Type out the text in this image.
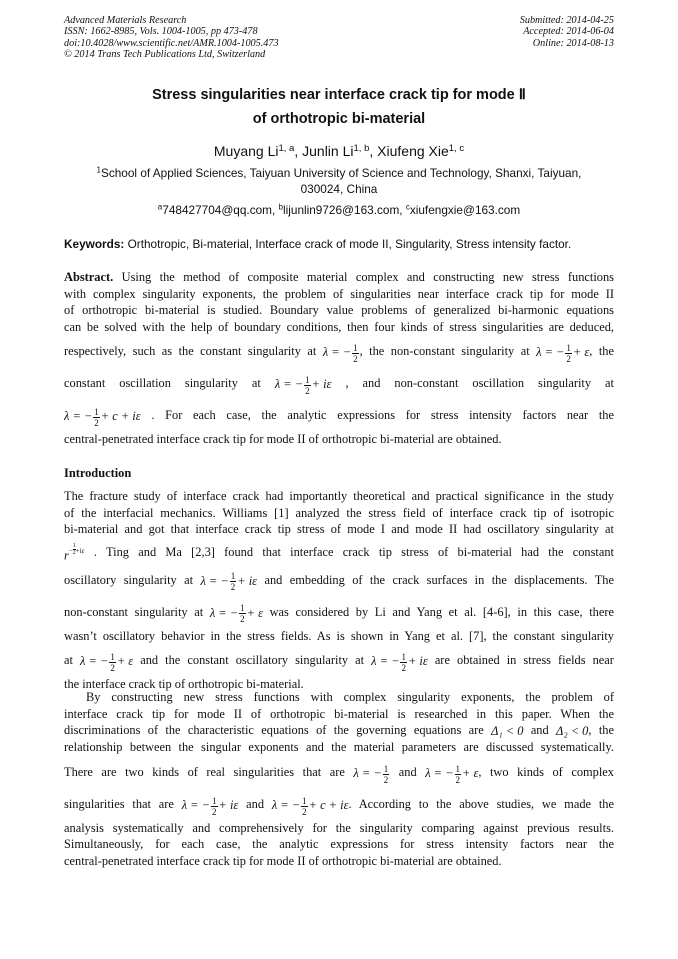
Advanced Materials Research
ISSN: 1662-8985, Vols. 1004-1005, pp 473-478
doi:10.4028/www.scientific.net/AMR.1004-1005.473
© 2014 Trans Tech Publications Ltd, Switzerland
Submitted: 2014-04-25
Accepted: 2014-06-04
Online: 2014-08-13
Stress singularities near interface crack tip for mode Ⅱ
of orthotropic bi-material
Muyang Li$^{1, a}$, Junlin Li$^{1, b}$, Xiufeng Xie$^{1, c}$
$^1$School of Applied Sciences, Taiyuan University of Science and Technology, Shanxi, Taiyuan,
030024, China
$^a$748427704@qq.com, $^b$lijunlin9726@163.com, $^c$xiufengxie@163.com
Keywords: Orthotropic, Bi-material, Interface crack of mode II, Singularity, Stress intensity factor.
Abstract. Using the method of composite material complex and constructing new stress functions
with complex singularity exponents, the problem of singularities near interface crack tip for mode II
of orthotropic bi-material is studied. Boundary value problems of generalized bi-harmonic equations
can be solved with the help of boundary conditions, then four kinds of stress singularities are deduced,
respectively, such as the constant singularity at λ = − $\frac{1}{2}$ , the non-constant singularity at λ = − $\frac{1}{2} + \varepsilon$, the
constant oscillation singularity at λ = − $\frac{1}{2} + i\varepsilon$ , and non-constant oscillation singularity at
λ = − $\frac{1}{2} + c + i\varepsilon$ . For each case, the analytic expressions for stress intensity factors near the
central-penetrated interface crack tip for mode II of orthotropic bi-material are obtained.
Introduction
The fracture study of interface crack had importantly theoretical and practical significance in the study
of the interfacial mechanics. Williams [1] analyzed the stress field of interface crack tip of isotropic
bi-material and got that interface crack tip stress of mode I and mode II had oscillatory singularity at
$r^{- \frac{1}{2} +i\varepsilon}$ . Ting and Ma [2,3] found that interface crack tip stress of bi-material had the constant
oscillatory singularity at λ = − $\frac{1}{2} + i\varepsilon$ and embedding of the crack surfaces in the displacements. The
non-constant singularity at λ = − $\frac{1}{2} + \varepsilon$ was considered by Li and Yang et al. [4-6], in this case, there
wasn’t oscillatory behavior in the stress fields. As is shown in Yang et al. [7], the constant singularity
at λ = − $\frac{1}{2} + \varepsilon$ and the constant oscillatory singularity at λ = − $\frac{1}{2} + i\varepsilon$ are obtained in stress fields near
the interface crack tip of orthotropic bi-material.
By constructing new stress functions with complex singularity exponents, the problem of
interface crack tip for mode II of orthotropic bi-material is researched in this paper. When the
discriminations of the characteristic equations of the governing equations are Δ₁ < 0 and Δ₂ < 0, the
relationship between the singular exponents and the material parameters are discussed systematically.
There are two kinds of real singularities that are λ = − $\frac{1}{2}$ and λ = − $\frac{1}{2} + \varepsilon$, two kinds of complex
singularities that are λ = − $\frac{1}{2} + i\varepsilon$ and λ = − $\frac{1}{2} + c + i\varepsilon$. According to the above studies, we made the
analysis systematically and comprehensively for the singularity comparing against previous results.
Simultaneously, for each case, the analytic expressions for stress intensity factors near the
central-penetrated interface crack tip for mode II of orthotropic bi-material are obtained.
